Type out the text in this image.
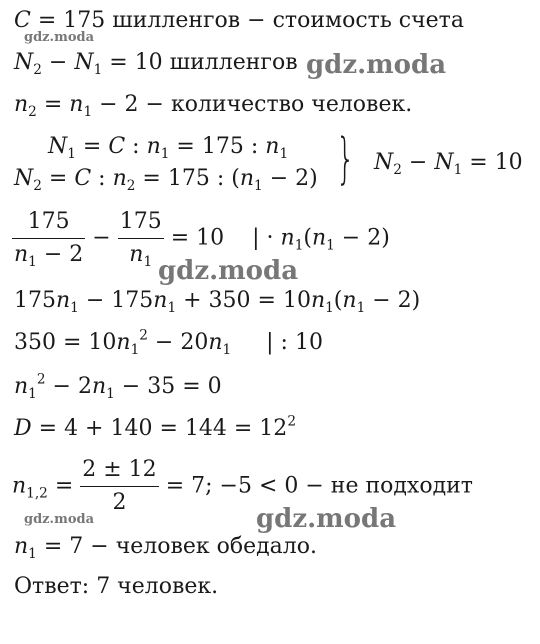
C = 175 шилленгов − стоимость счета
$N_2 - N_1 = 10$ шилленгов
$n_2 = n_1 - 2$ − количество человек.
$N_1 = C$ : $n_1 = 175$ : $n_1$
$N_2 = C$ : $n_2 = 175$ : $(n_1 - 2)$ } $N_2 - N_1 = 10$
$\frac{175}{n_1 - 2} - \frac{175}{n_1} = 10$ | · $n_1(n_1 - 2)$
$175n_1 - 175n_1 + 350 = 10n_1(n_1 - 2)$
$350 = 10n_1^2 - 20n_1$ | : 10
$n_1^2 - 2n_1 - 35 = 0$
$D = 4 + 140 = 144 = 12^2$
$n_{1,2} = \frac{2 \pm 12}{2} = 7$; −5 < 0 − не подходит
$n_1 = 7$ − человек обедало.
Ответ: 7 человек.
gdz.moda
gdz.moda
gdz.moda
gdz.moda	gdz.moda
